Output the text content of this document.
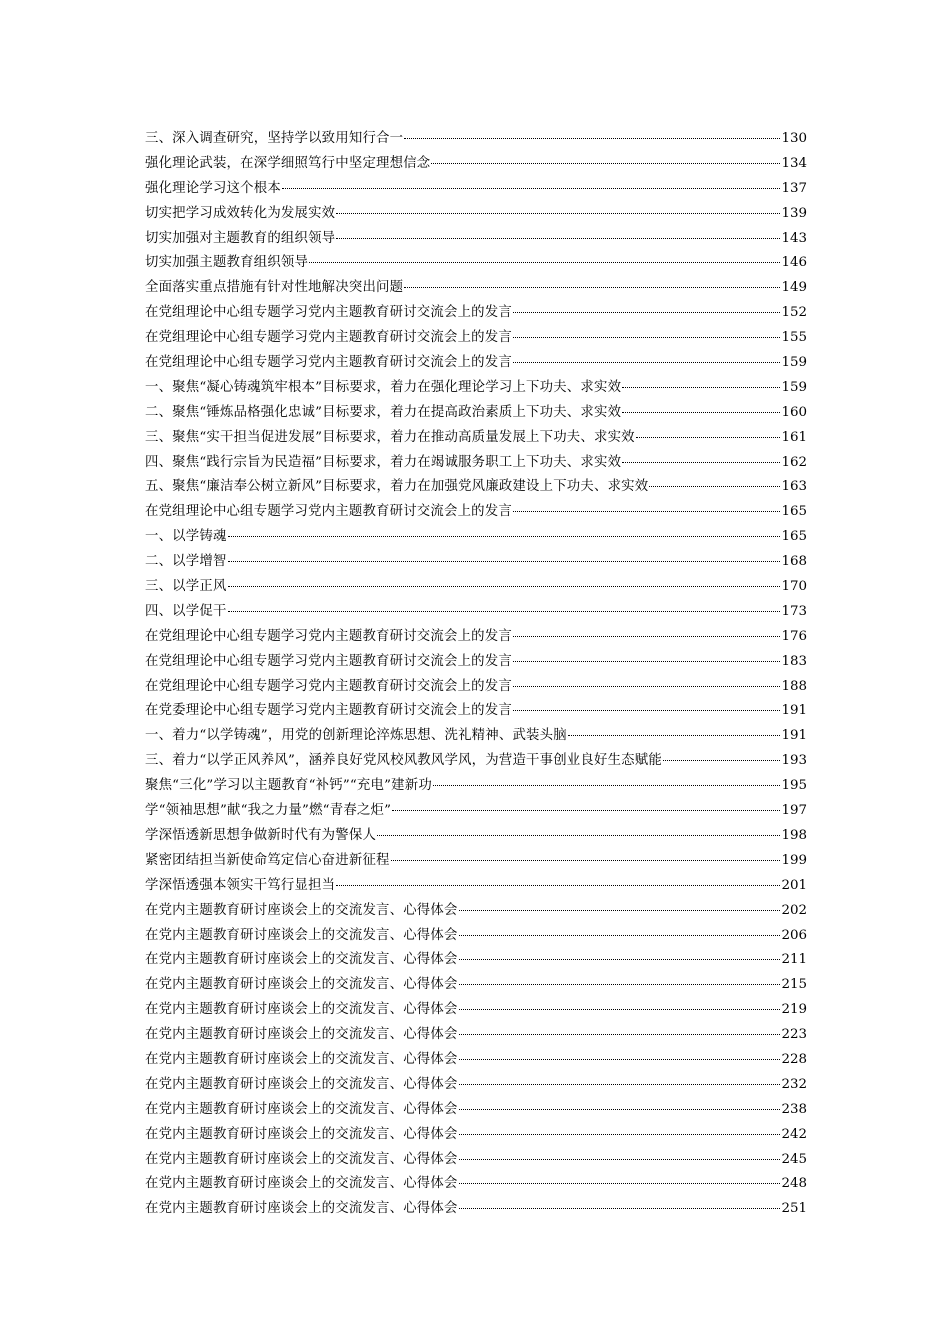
三、深入调查研究，坚持学以致用知行合一	130
强化理论武装，在深学细照笃行中坚定理想信念	134
强化理论学习这个根本	137
切实把学习成效转化为发展实效	139
切实加强对主题教育的组织领导	143
切实加强主题教育组织领导	146
全面落实重点措施有针对性地解决突出问题	149
在党组理论中心组专题学习党内主题教育研讨交流会上的发言	152
在党组理论中心组专题学习党内主题教育研讨交流会上的发言	155
在党组理论中心组专题学习党内主题教育研讨交流会上的发言	159
一、聚焦“凝心铸魂筑牢根本”目标要求，着力在强化理论学习上下功夫、求实效	159
二、聚焦“锤炼品格强化忠诚”目标要求，着力在提高政治素质上下功夫、求实效	160
三、聚焦“实干担当促进发展”目标要求，着力在推动高质量发展上下功夫、求实效	161
四、聚焦“践行宗旨为民造福”目标要求，着力在竭诚服务职工上下功夫、求实效	162
五、聚焦“廉洁奉公树立新风”目标要求，着力在加强党风廉政建设上下功夫、求实效	163
在党组理论中心组专题学习党内主题教育研讨交流会上的发言	165
一、以学铸魂	165
二、以学增智	168
三、以学正风	170
四、以学促干	173
在党组理论中心组专题学习党内主题教育研讨交流会上的发言	176
在党组理论中心组专题学习党内主题教育研讨交流会上的发言	183
在党组理论中心组专题学习党内主题教育研讨交流会上的发言	188
在党委理论中心组专题学习党内主题教育研讨交流会上的发言	191
一、着力“以学铸魂”，用党的创新理论淬炼思想、洗礼精神、武装头脑	191
三、着力“以学正风养风”，涵养良好党风校风教风学风，为营造干事创业良好生态赋能	193
聚焦“三化”学习以主题教育“补钙”“充电”建新功	195
学“领袖思想”献“我之力量”燃“青春之炬”	197
学深悟透新思想争做新时代有为警保人	198
紧密团结担当新使命笃定信心奋进新征程	199
学深悟透强本领实干笃行显担当	201
在党内主题教育研讨座谈会上的交流发言、心得体会	202
在党内主题教育研讨座谈会上的交流发言、心得体会	206
在党内主题教育研讨座谈会上的交流发言、心得体会	211
在党内主题教育研讨座谈会上的交流发言、心得体会	215
在党内主题教育研讨座谈会上的交流发言、心得体会	219
在党内主题教育研讨座谈会上的交流发言、心得体会	223
在党内主题教育研讨座谈会上的交流发言、心得体会	228
在党内主题教育研讨座谈会上的交流发言、心得体会	232
在党内主题教育研讨座谈会上的交流发言、心得体会	238
在党内主题教育研讨座谈会上的交流发言、心得体会	242
在党内主题教育研讨座谈会上的交流发言、心得体会	245
在党内主题教育研讨座谈会上的交流发言、心得体会	248
在党内主题教育研讨座谈会上的交流发言、心得体会	251
